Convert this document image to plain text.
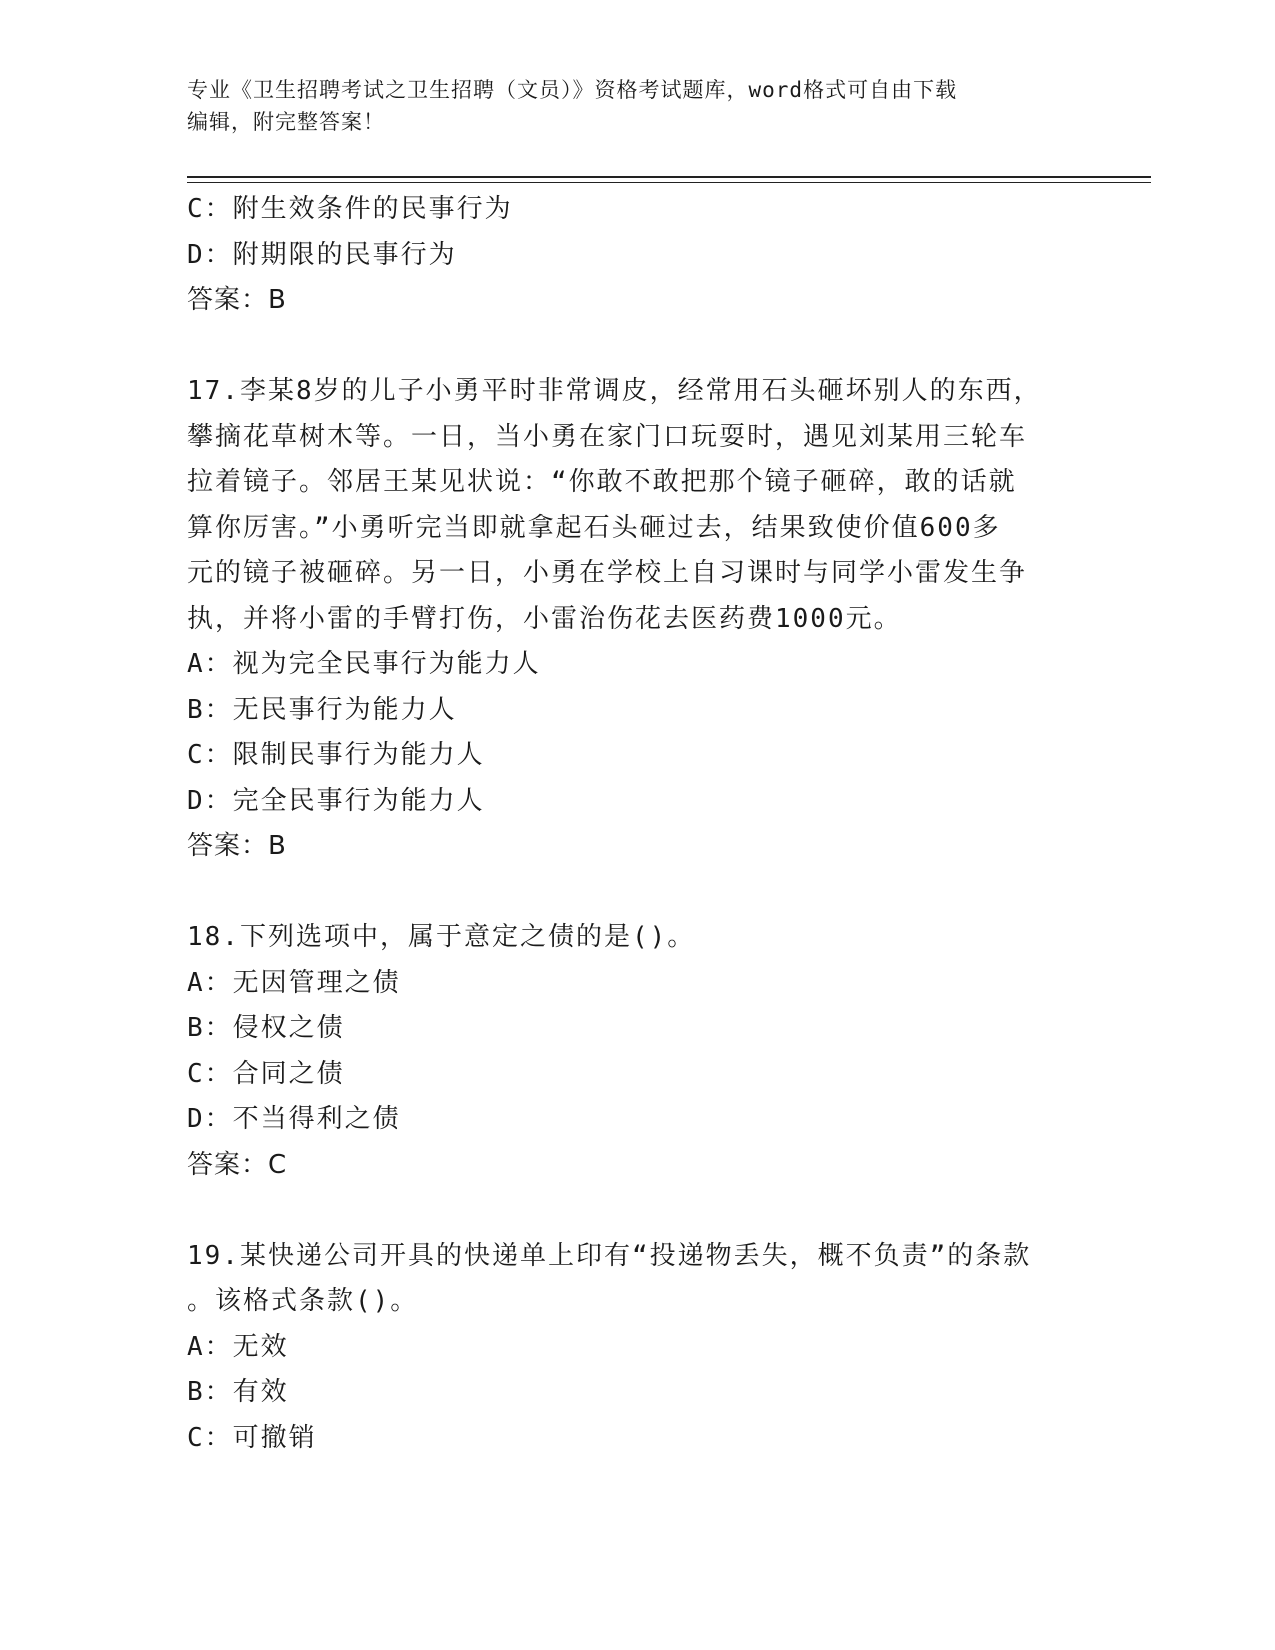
专业《卫生招聘考试之卫生招聘（文员）》资格考试题库，word格式可自由下载
编辑，附完整答案！
C：附生效条件的民事行为
D：附期限的民事行为
答案：B
17.李某8岁的儿子小勇平时非常调皮，经常用石头砸坏别人的东西，
攀摘花草树木等。一日，当小勇在家门口玩耍时，遇见刘某用三轮车
拉着镜子。邻居王某见状说：“你敢不敢把那个镜子砸碎，敢的话就
算你厉害。”小勇听完当即就拿起石头砸过去，结果致使价值600多
元的镜子被砸碎。另一日，小勇在学校上自习课时与同学小雷发生争
执，并将小雷的手臂打伤，小雷治伤花去医药费1000元。
A：视为完全民事行为能力人
B：无民事行为能力人
C：限制民事行为能力人
D：完全民事行为能力人
答案：B
18.下列选项中，属于意定之债的是()。
A：无因管理之债
B：侵权之债
C：合同之债
D：不当得利之债
答案：C
19.某快递公司开具的快递单上印有“投递物丢失，概不负责”的条款
。该格式条款()。
A：无效
B：有效
C：可撤销
